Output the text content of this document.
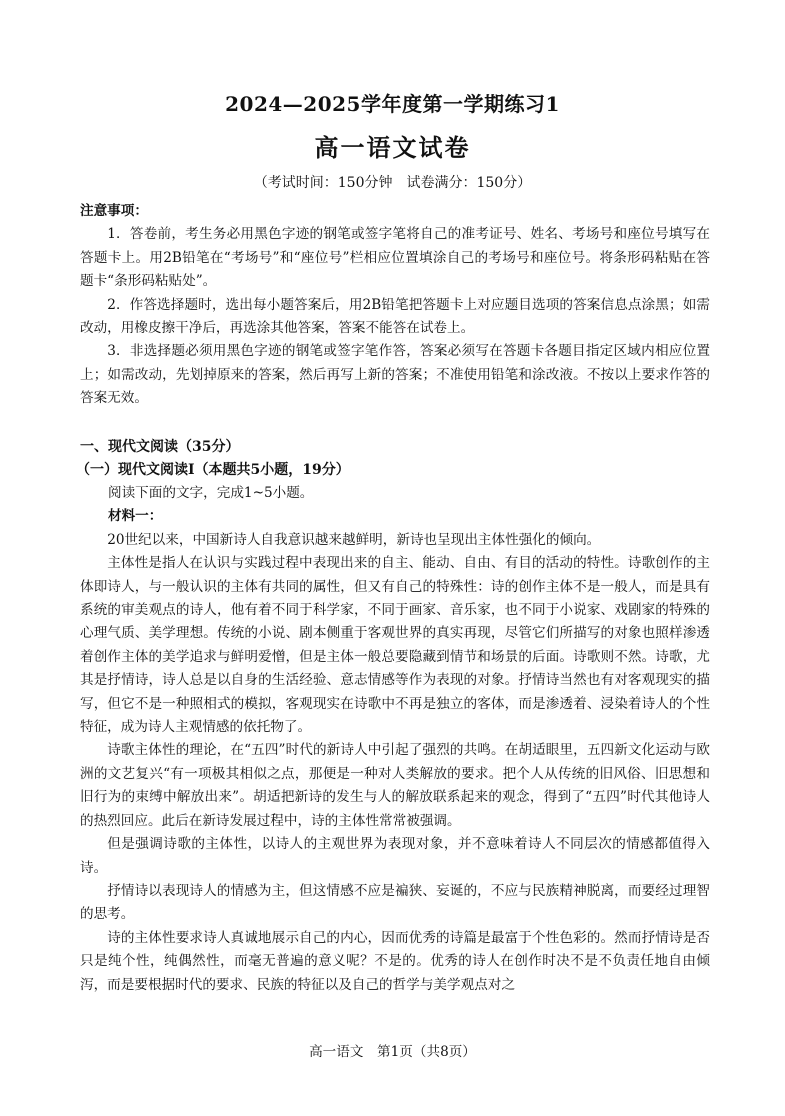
2024—2025学年度第一学期练习1
高一语文试卷
（考试时间：150分钟　试卷满分：150分）

注意事项：

1．答卷前，考生务必用黑色字迹的钢笔或签字笔将自己的准考证号、姓名、考场号和座位号填写在答题卡上。用2B铅笔在“考场号”和“座位号”栏相应位置填涂自己的考场号和座位号。将条形码粘贴在答题卡“条形码粘贴处”。

2．作答选择题时，选出每小题答案后，用2B铅笔把答题卡上对应题目选项的答案信息点涂黑；如需改动，用橡皮擦干净后，再选涂其他答案，答案不能答在试卷上。

3．非选择题必须用黑色字迹的钢笔或签字笔作答，答案必须写在答题卡各题目指定区域内相应位置上；如需改动，先划掉原来的答案，然后再写上新的答案；不准使用铅笔和涂改液。不按以上要求作答的答案无效。

一、现代文阅读（35分）

（一）现代文阅读I（本题共5小题，19分）

阅读下面的文字，完成1~5小题。

材料一：

20世纪以来，中国新诗人自我意识越来越鲜明，新诗也呈现出主体性强化的倾向。

主体性是指人在认识与实践过程中表现出来的自主、能动、自由、有目的活动的特性。诗歌创作的主体即诗人，与一般认识的主体有共同的属性，但又有自己的特殊性：诗的创作主体不是一般人，而是具有系统的审美观点的诗人，他有着不同于科学家，不同于画家、音乐家，也不同于小说家、戏剧家的特殊的心理气质、美学理想。传统的小说、剧本侧重于客观世界的真实再现，尽管它们所描写的对象也照样渗透着创作主体的美学追求与鲜明爱憎，但是主体一般总要隐藏到情节和场景的后面。诗歌则不然。诗歌，尤其是抒情诗，诗人总是以自身的生活经验、意志情感等作为表现的对象。抒情诗当然也有对客观现实的描写，但它不是一种照相式的模拟，客观现实在诗歌中不再是独立的客体，而是渗透着、浸染着诗人的个性特征，成为诗人主观情感的依托物了。

诗歌主体性的理论，在“五四”时代的新诗人中引起了强烈的共鸣。在胡适眼里，五四新文化运动与欧洲的文艺复兴“有一项极其相似之点，那便是一种对人类解放的要求。把个人从传统的旧风俗、旧思想和旧行为的束缚中解放出来”。胡适把新诗的发生与人的解放联系起来的观念，得到了“五四”时代其他诗人的热烈回应。此后在新诗发展过程中，诗的主体性常常被强调。

但是强调诗歌的主体性，以诗人的主观世界为表现对象，并不意味着诗人不同层次的情感都值得入诗。

抒情诗以表现诗人的情感为主，但这情感不应是褊狭、妄诞的，不应与民族精神脱离，而要经过理智的思考。

诗的主体性要求诗人真诚地展示自己的内心，因而优秀的诗篇是最富于个性色彩的。然而抒情诗是否只是纯个性，纯偶然性，而毫无普遍的意义呢？不是的。优秀的诗人在创作时决不是不负责任地自由倾泻，而是要根据时代的要求、民族的特征以及自己的哲学与美学观点对之

高一语文　第1页（共8页）
